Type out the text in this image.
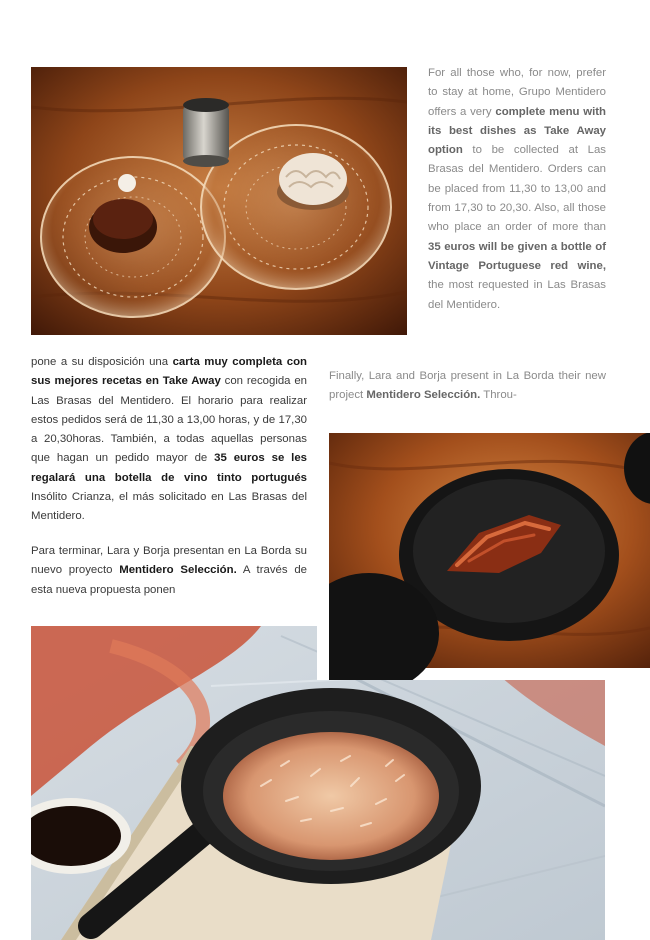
For all those who, for now, prefer to stay at home, Grupo Mentidero offers a very complete menu with its best dishes as Take Away option to be collected at Las Brasas del Mentidero. Orders can be placed from 11,30 to 13,00 and from 17,30 to 20,30. Also, all those who place an order of more than 35 euros will be given a bottle of Vintage Portuguese red wine, the most requested in Las Brasas del Mentidero.

pone a su disposición una carta muy completa con sus mejores recetas en Take Away con recogida en Las Brasas del Mentidero. El horario para realizar estos pedidos será de 11,30 a 13,00 horas, y de 17,30 a 20,30horas. También, a todas aquellas personas que hagan un pedido mayor de 35 euros se les regalará una botella de vino tinto portugués Insólito Crianza, el más solicitado en Las Brasas del Mentidero.

Para terminar, Lara y Borja presentan en La Borda su nuevo proyecto Mentidero Selección. A través de esta nueva propuesta ponen

Finally, Lara and Borja present in La Borda their new project Mentidero Selección. Throu-
